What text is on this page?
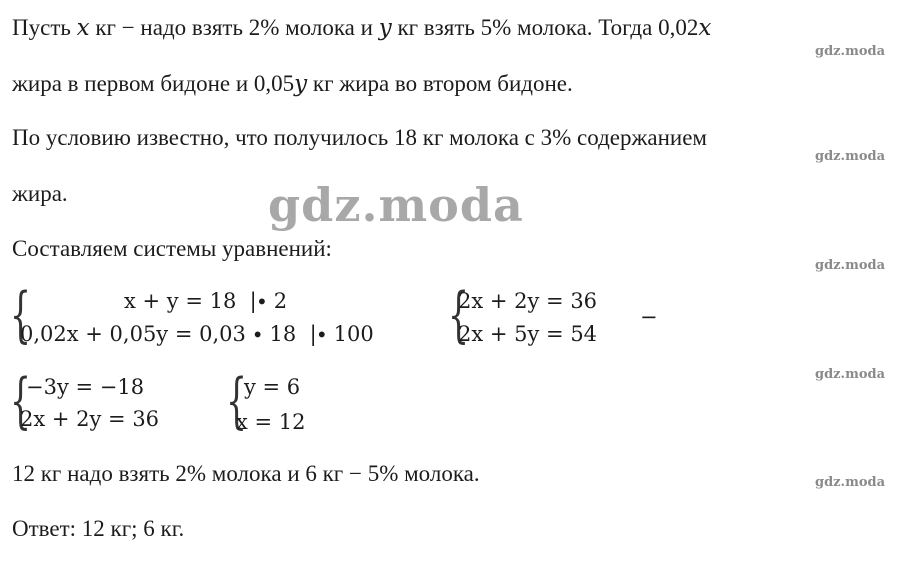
gdz.moda
gdz.moda
gdz.moda
gdz.moda
gdz.moda
gdz.moda
Пусть x кг − надо взять 2% молока и y кг взять 5% молока. Тогда 0,02x
жира в первом бидоне и 0,05y кг жира во втором бидоне.
По условию известно, что получилось 18 кг молока с 3% содержанием
жира.
Составляем системы уравнений:
{	x + y = 18  |∙ 2
0,02x + 0,05y = 0,03 ∙ 18  |∙ 100 {
2x + 2y = 36
2x + 5y = 54
−
{
−3y = −18
2x + 2y = 36 {
y = 6
x = 12
12 кг надо взять 2% молока и 6 кг − 5% молока.
Ответ: 12 кг; 6 кг.
